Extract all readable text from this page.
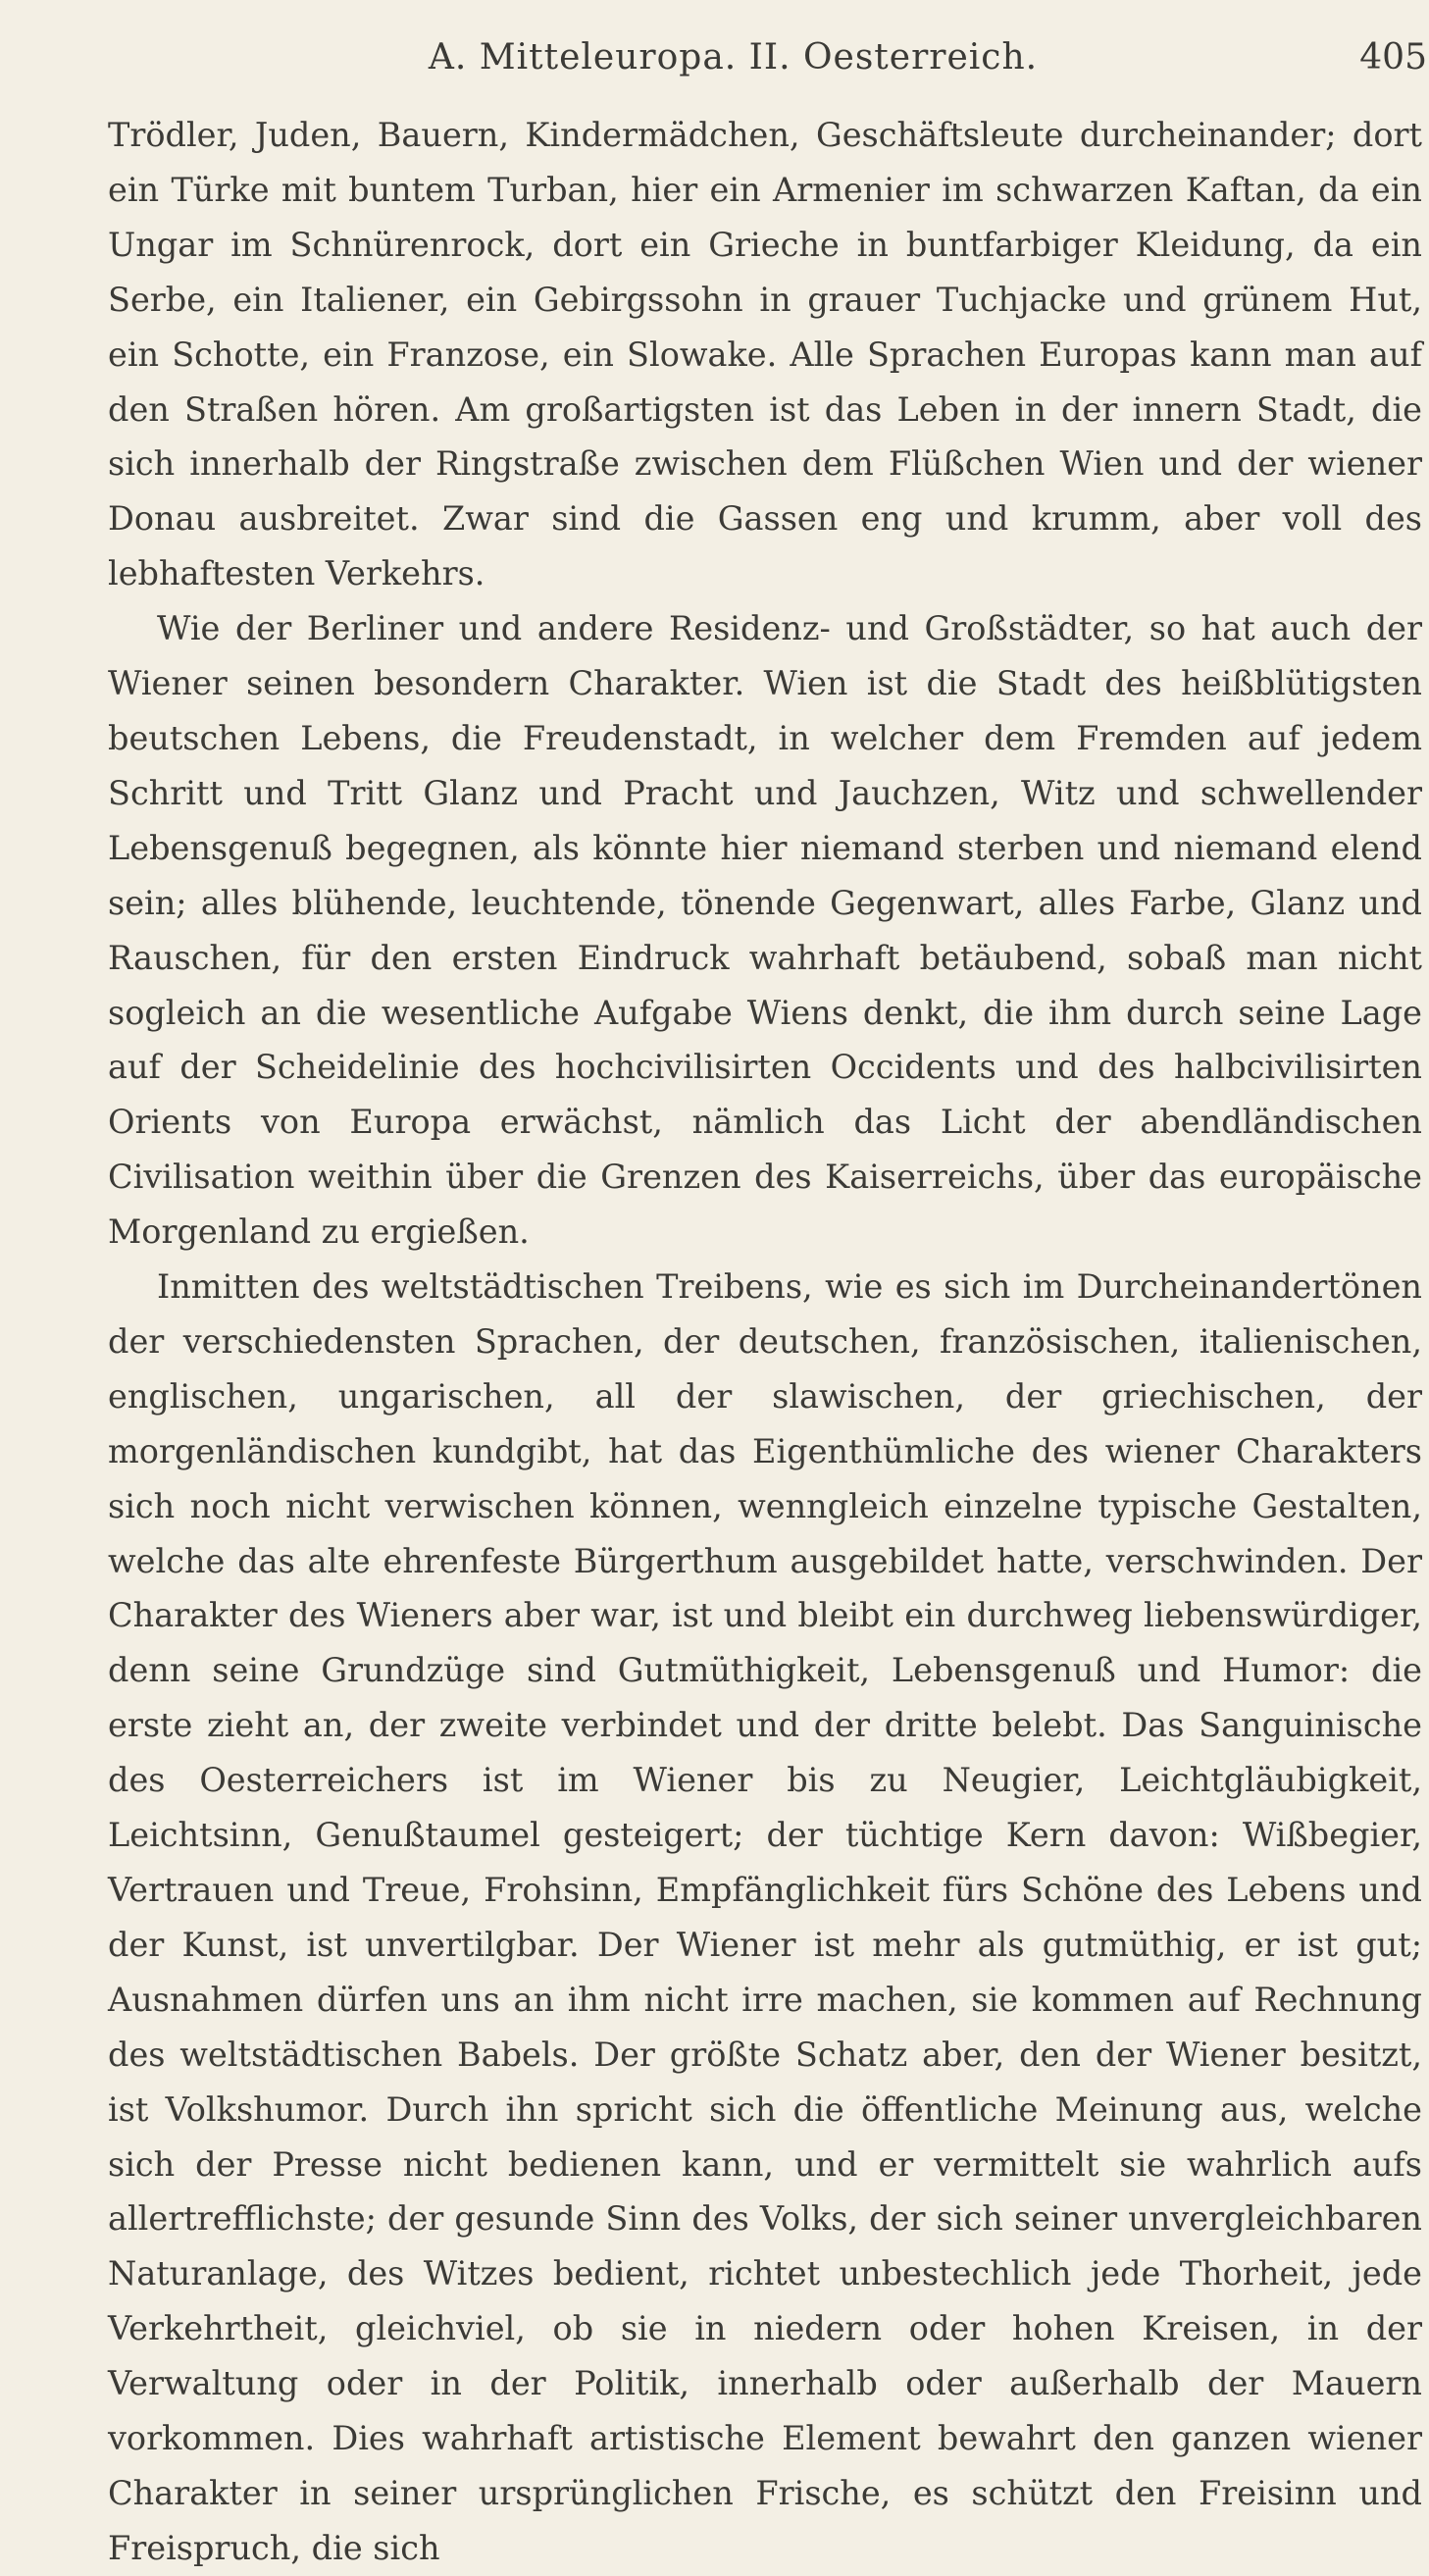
A. Mitteleuropa. II. Oesterreich.	405

Trödler, Juden, Bauern, Kindermädchen, Geschäftsleute durcheinander; dort ein Türke mit buntem Turban, hier ein Armenier im schwarzen Kaftan, da ein Ungar im Schnürenrock, dort ein Grieche in buntfarbiger Kleidung, da ein Serbe, ein Italiener, ein Gebirgssohn in grauer Tuchjacke und grünem Hut, ein Schotte, ein Franzose, ein Slowake. Alle Sprachen Europas kann man auf den Straßen hören. Am großartigsten ist das Leben in der innern Stadt, die sich innerhalb der Ringstraße zwischen dem Flüßchen Wien und der wiener Donau ausbreitet. Zwar sind die Gassen eng und krumm, aber voll des lebhaftesten Verkehrs.

Wie der Berliner und andere Residenz- und Großstädter, so hat auch der Wiener seinen besondern Charakter. Wien ist die Stadt des heißblütigsten beutschen Lebens, die Freudenstadt, in welcher dem Fremden auf jedem Schritt und Tritt Glanz und Pracht und Jauchzen, Witz und schwellender Lebensgenuß begegnen, als könnte hier niemand sterben und niemand elend sein; alles blühende, leuchtende, tönende Gegenwart, alles Farbe, Glanz und Rauschen, für den ersten Eindruck wahrhaft betäubend, sobaß man nicht sogleich an die wesentliche Aufgabe Wiens denkt, die ihm durch seine Lage auf der Scheidelinie des hochcivilisirten Occidents und des halbcivilisirten Orients von Europa erwächst, nämlich das Licht der abendländischen Civilisation weithin über die Grenzen des Kaiserreichs, über das europäische Morgenland zu ergießen.

Inmitten des weltstädtischen Treibens, wie es sich im Durcheinandertönen der verschiedensten Sprachen, der deutschen, französischen, italienischen, englischen, ungarischen, all der slawischen, der griechischen, der morgenländischen kundgibt, hat das Eigenthümliche des wiener Charakters sich noch nicht verwischen können, wenngleich einzelne typische Gestalten, welche das alte ehrenfeste Bürgerthum ausgebildet hatte, verschwinden. Der Charakter des Wieners aber war, ist und bleibt ein durchweg liebenswürdiger, denn seine Grundzüge sind Gutmüthigkeit, Lebensgenuß und Humor: die erste zieht an, der zweite verbindet und der dritte belebt. Das Sanguinische des Oesterreichers ist im Wiener bis zu Neugier, Leichtgläubigkeit, Leichtsinn, Genußtaumel gesteigert; der tüchtige Kern davon: Wißbegier, Vertrauen und Treue, Frohsinn, Empfänglichkeit fürs Schöne des Lebens und der Kunst, ist unvertilgbar. Der Wiener ist mehr als gutmüthig, er ist gut; Ausnahmen dürfen uns an ihm nicht irre machen, sie kommen auf Rechnung des weltstädtischen Babels. Der größte Schatz aber, den der Wiener besitzt, ist Volkshumor. Durch ihn spricht sich die öffentliche Meinung aus, welche sich der Presse nicht bedienen kann, und er vermittelt sie wahrlich aufs allertrefflichste; der gesunde Sinn des Volks, der sich seiner unvergleichbaren Naturanlage, des Witzes bedient, richtet unbestechlich jede Thorheit, jede Verkehrtheit, gleichviel, ob sie in niedern oder hohen Kreisen, in der Verwaltung oder in der Politik, innerhalb oder außerhalb der Mauern vorkommen. Dies wahrhaft artistische Element bewahrt den ganzen wiener Charakter in seiner ursprünglichen Frische, es schützt den Freisinn und Freispruch, die sich
